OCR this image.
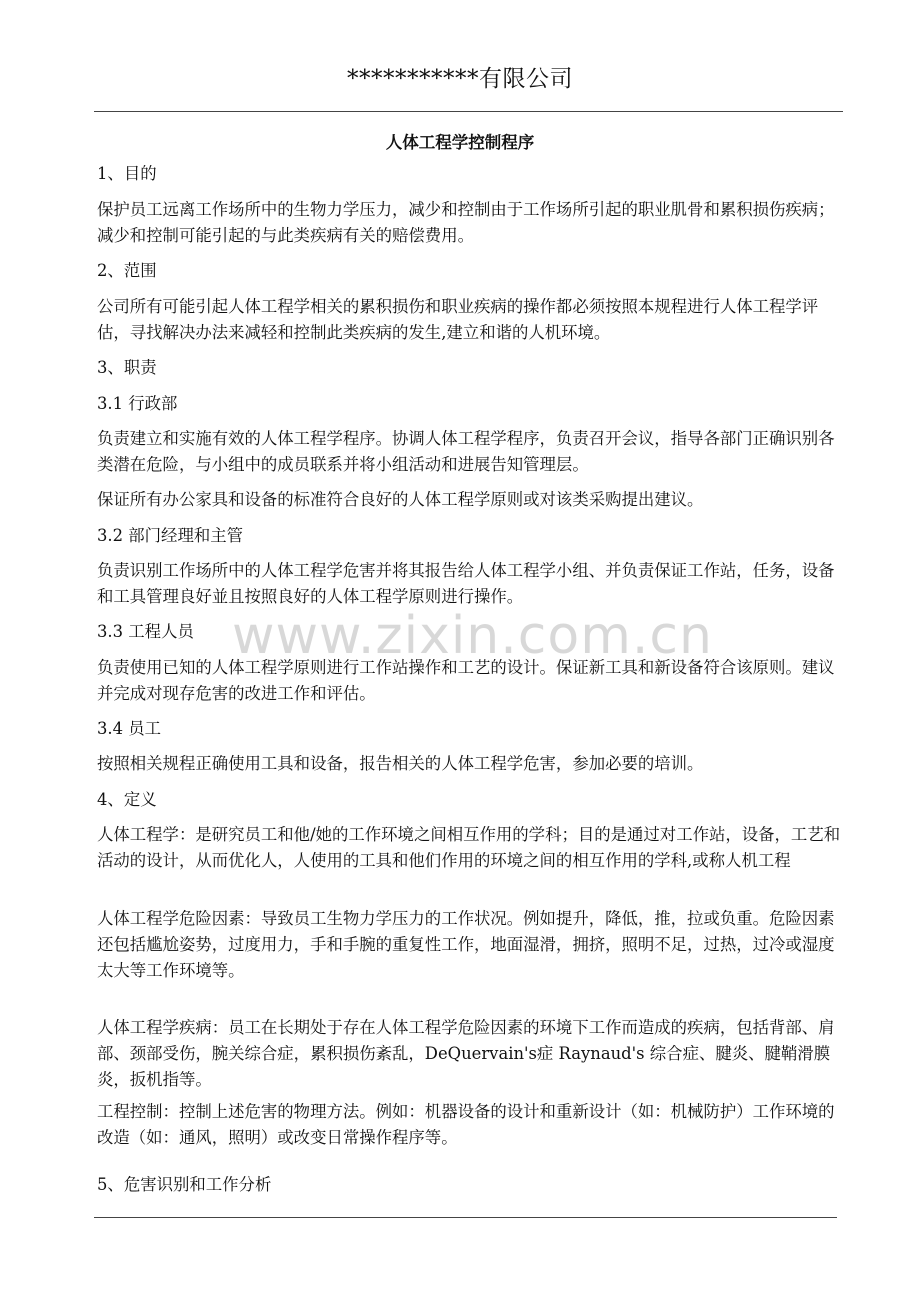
***********有限公司
人体工程学控制程序
www.zixin.com.cn
1、目的
保护员工远离工作场所中的生物力学压力，减少和控制由于工作场所引起的职业肌骨和累积损伤疾病；减少和控制可能引起的与此类疾病有关的赔偿费用。
2、范围
公司所有可能引起人体工程学相关的累积损伤和职业疾病的操作都必须按照本规程进行人体工程学评估，寻找解决办法来减轻和控制此类疾病的发生,建立和谐的人机环境。
3、职责
3.1 行政部
负责建立和实施有效的人体工程学程序。协调人体工程学程序，负责召开会议，指导各部门正确识别各类潜在危险，与小组中的成员联系并将小组活动和进展告知管理层。
保证所有办公家具和设备的标准符合良好的人体工程学原则或对该类采购提出建议。
3.2 部门经理和主管
负责识别工作场所中的人体工程学危害并将其报告给人体工程学小组、并负责保证工作站，任务，设备和工具管理良好並且按照良好的人体工程学原则进行操作。
3.3 工程人员
负责使用已知的人体工程学原则进行工作站操作和工艺的设计。保证新工具和新设备符合该原则。建议并完成对现存危害的改进工作和评估。
3.4 员工
按照相关规程正确使用工具和设备，报告相关的人体工程学危害，参加必要的培训。
4、定义
人体工程学：是研究员工和他/她的工作环境之间相互作用的学科；目的是通过对工作站，设备，工艺和活动的设计，从而优化人，人使用的工具和他们作用的环境之间的相互作用的学科,或称人机工程
人体工程学危险因素：导致员工生物力学压力的工作状况。例如提升，降低，推，拉或负重。危险因素还包括尴尬姿势，过度用力，手和手腕的重复性工作，地面湿滑，拥挤，照明不足，过热，过冷或湿度太大等工作环境等。
人体工程学疾病：员工在长期处于存在人体工程学危险因素的环境下工作而造成的疾病，包括背部、肩部、颈部受伤，腕关综合症，累积损伤紊乱，DeQuervain's症 Raynaud's 综合症、腱炎、腱鞘滑膜炎，扳机指等。
工程控制：控制上述危害的物理方法。例如：机器设备的设计和重新设计（如：机械防护）工作环境的改造（如：通风，照明）或改变日常操作程序等。
5、危害识别和工作分析
